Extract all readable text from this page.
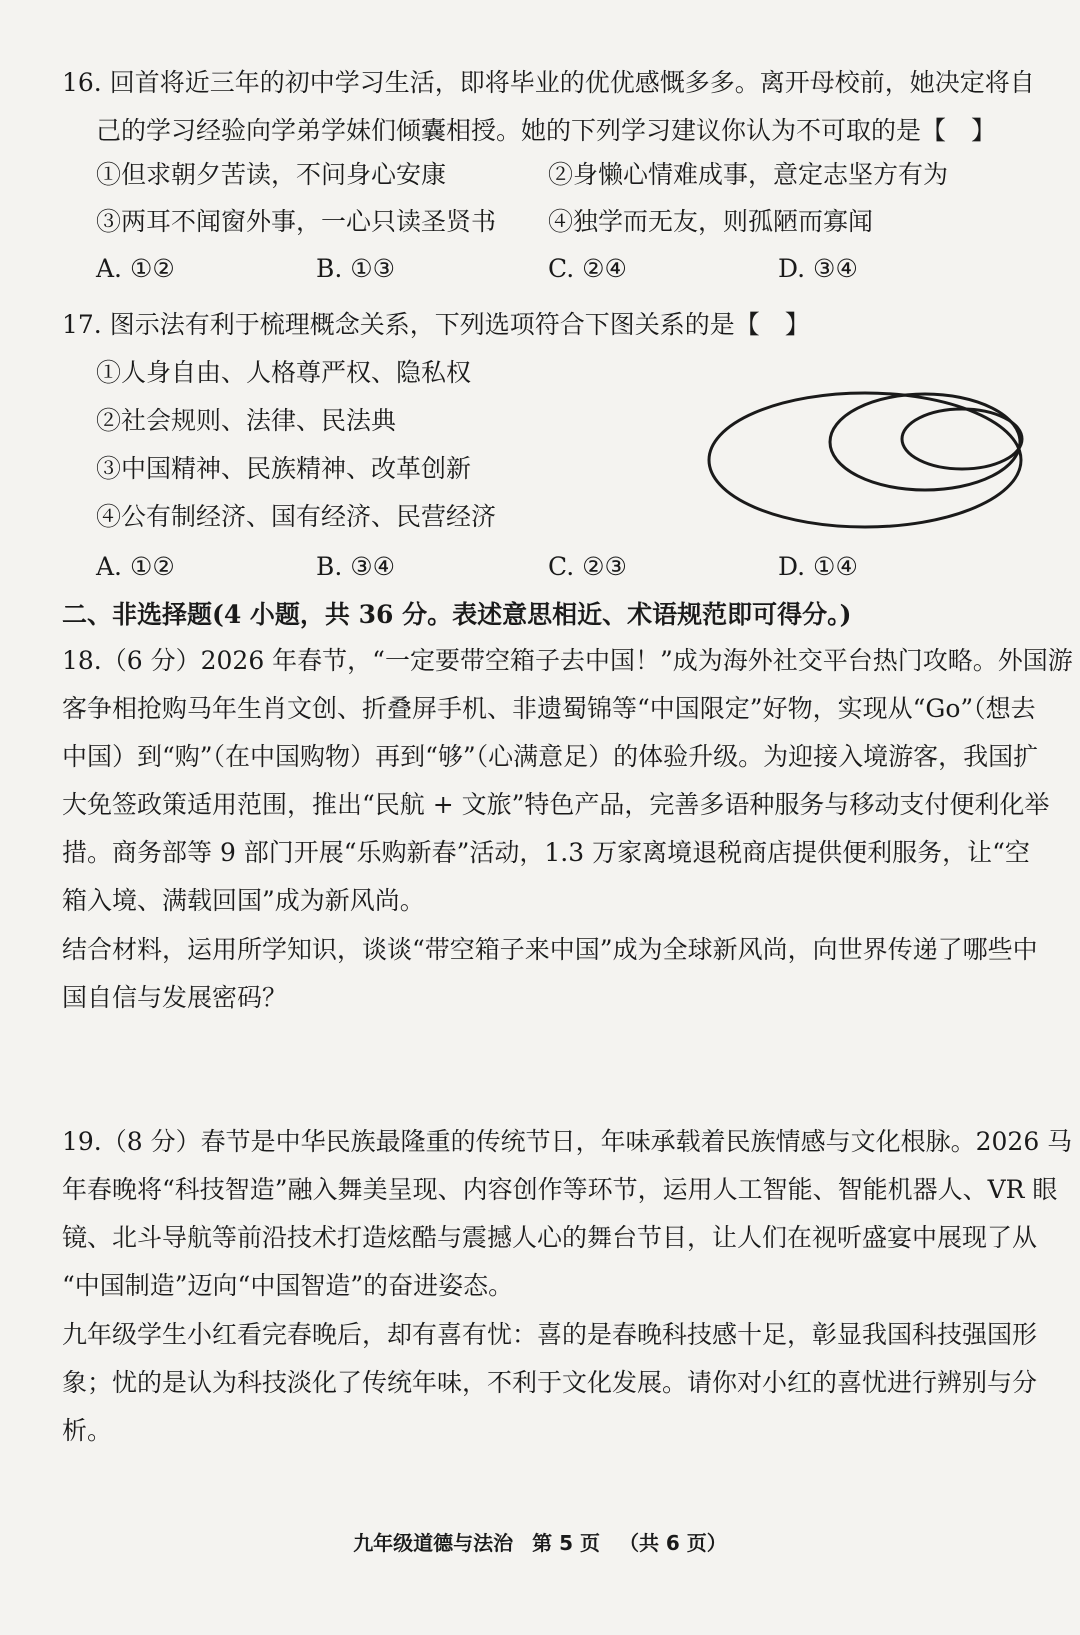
16. 回首将近三年的初中学习生活，即将毕业的优优感慨多多。离开母校前，她决定将自
己的学习经验向学弟学妹们倾囊相授。她的下列学习建议你认为不可取的是【　】
①但求朝夕苦读，不问身心安康	②身懒心情难成事，意定志坚方有为
③两耳不闻窗外事，一心只读圣贤书 ④独学而无友，则孤陋而寡闻
A. ①②	B. ①③	C. ②④	D. ③④
17. 图示法有利于梳理概念关系，下列选项符合下图关系的是【　】
①人身自由、人格尊严权、隐私权
②社会规则、法律、民法典
③中国精神、民族精神、改革创新
④公有制经济、国有经济、民营经济
A. ①②	B. ③④	C. ②③	D. ①④
二、非选择题(4 小题，共 36 分。表述意思相近、术语规范即可得分。)
18.（6 分）2026 年春节，“一定要带空箱子去中国！”成为海外社交平台热门攻略。外国游
客争相抢购马年生肖文创、折叠屏手机、非遗蜀锦等“中国限定”好物，实现从“Go”（想去
中国）到“购”（在中国购物）再到“够”（心满意足）的体验升级。为迎接入境游客，我国扩
大免签政策适用范围，推出“民航 + 文旅”特色产品，完善多语种服务与移动支付便利化举
措。商务部等 9 部门开展“乐购新春”活动，1.3 万家离境退税商店提供便利服务，让“空
箱入境、满载回国”成为新风尚。
结合材料，运用所学知识，谈谈“带空箱子来中国”成为全球新风尚，向世界传递了哪些中
国自信与发展密码？
19.（8 分）春节是中华民族最隆重的传统节日，年味承载着民族情感与文化根脉。2026 马
年春晚将“科技智造”融入舞美呈现、内容创作等环节，运用人工智能、智能机器人、VR 眼
镜、北斗导航等前沿技术打造炫酷与震撼人心的舞台节目，让人们在视听盛宴中展现了从
“中国制造”迈向“中国智造”的奋进姿态。
九年级学生小红看完春晚后，却有喜有忧：喜的是春晚科技感十足，彰显我国科技强国形
象；忧的是认为科技淡化了传统年味，不利于文化发展。请你对小红的喜忧进行辨别与分
析。
九年级道德与法治 第 5 页 （共 6 页）
